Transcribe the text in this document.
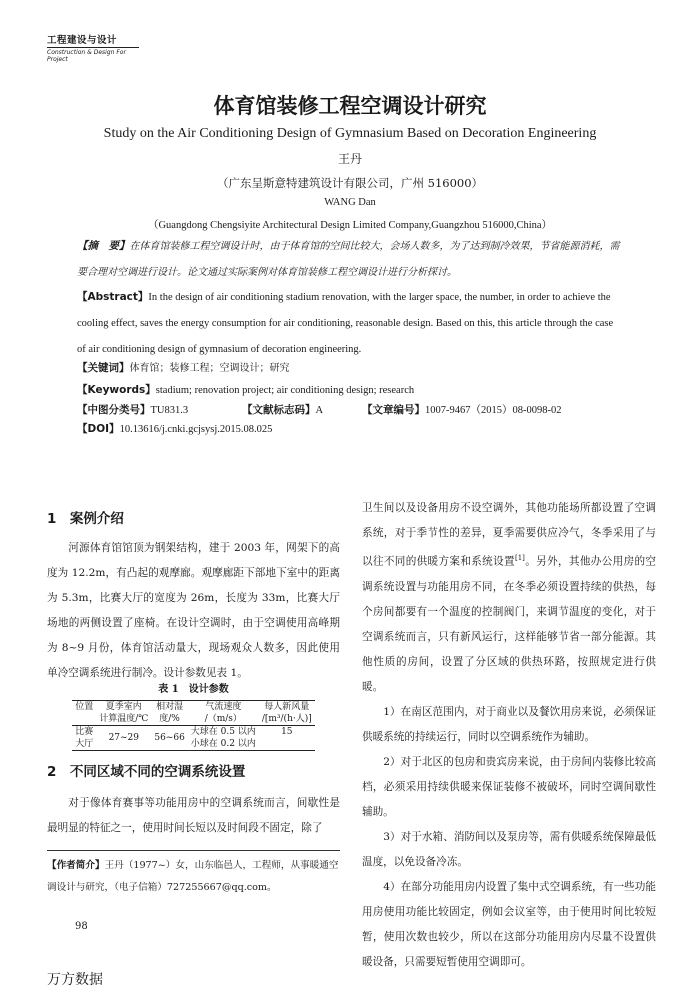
工程建设与设计
Construction & Design For Project
体育馆装修工程空调设计研究
Study on the Air Conditioning Design of Gymnasium Based on Decoration Engineering
王丹
（广东呈斯意特建筑设计有限公司，广州 516000）
WANG Dan
（Guangdong Chengsiyite Architectural Design Limited Company,Guangzhou 516000,China）
【摘　要】在体育馆装修工程空调设计时，由于体育馆的空间比较大，会场人数多，为了达到制冷效果，节省能源消耗，需要合理对空调进行设计。论文通过实际案例对体育馆装修工程空调设计进行分析探讨。
【Abstract】In the design of air conditioning stadium renovation, with the larger space, the number, in order to achieve the cooling effect, saves the energy consumption for air conditioning, reasonable design. Based on this, this article through the case of air conditioning design of gymnasium of decoration engineering.
【关键词】体育馆；装修工程；空调设计；研究
【Keywords】stadium; renovation project; air conditioning design; research
【中图分类号】TU831.3	【文献标志码】A	【文章编号】1007-9467（2015）08-0098-02
【DOI】10.13616/j.cnki.gcjsysj.2015.08.025
1　案例介绍
河源体育馆馆顶为钢架结构，建于 2003 年，网架下的高度为 12.2m，有凸起的观摩廊。观摩廊距下部地下室中的距离为 5.3m，比赛大厅的宽度为 26m，长度为 33m，比赛大厅场地的两侧设置了座椅。在设计空调时，由于空调使用高峰期为 8~9 月份，体育馆活动量大，现场观众人数多，因此使用单冷空调系统进行制冷。设计参数见表 1。
表 1　设计参数
位置	夏季室内	相对湿	气流速度	每人新风量
	计算温度/℃	度/%	/（m/s）	/[m³/(h·人)]
比赛
大厅	27~29	56~66	大球在 0.5 以内
小球在 0.2 以内	15
2　不同区域不同的空调系统设置
对于像体育赛事等功能用房中的空调系统而言，间歇性是最明显的特征之一，使用时间长短以及时间段不固定，除了
【作者简介】王丹（1977~）女，山东临邑人，工程师，从事暖通空调设计与研究，（电子信箱）727255667@qq.com。
卫生间以及设备用房不设空调外，其他功能场所都设置了空调系统，对于季节性的差异，夏季需要供应冷气，冬季采用了与以往不同的供暖方案和系统设置[1]。另外，其他办公用房的空调系统设置与功能用房不同，在冬季必须设置持续的供热，每个房间都要有一个温度的控制阀门，来调节温度的变化，对于空调系统而言，只有新风运行，这样能够节省一部分能源。其他性质的房间，设置了分区域的供热环路，按照规定进行供暖。
1）在南区范围内，对于商业以及餐饮用房来说，必须保证供暖系统的持续运行，同时以空调系统作为辅助。
2）对于北区的包房和贵宾房来说，由于房间内装修比较高档，必须采用持续供暖来保证装修不被破坏，同时空调间歇性辅助。
3）对于水箱、消防间以及泵房等，需有供暖系统保障最低温度，以免设备冷冻。
4）在部分功能用房内设置了集中式空调系统，有一些功能用房使用功能比较固定，例如会议室等，由于使用时间比较短暂，使用次数也较少，所以在这部分功能用房内尽量不设置供暖设备，只需要短暂使用空调即可。
98
万方数据
